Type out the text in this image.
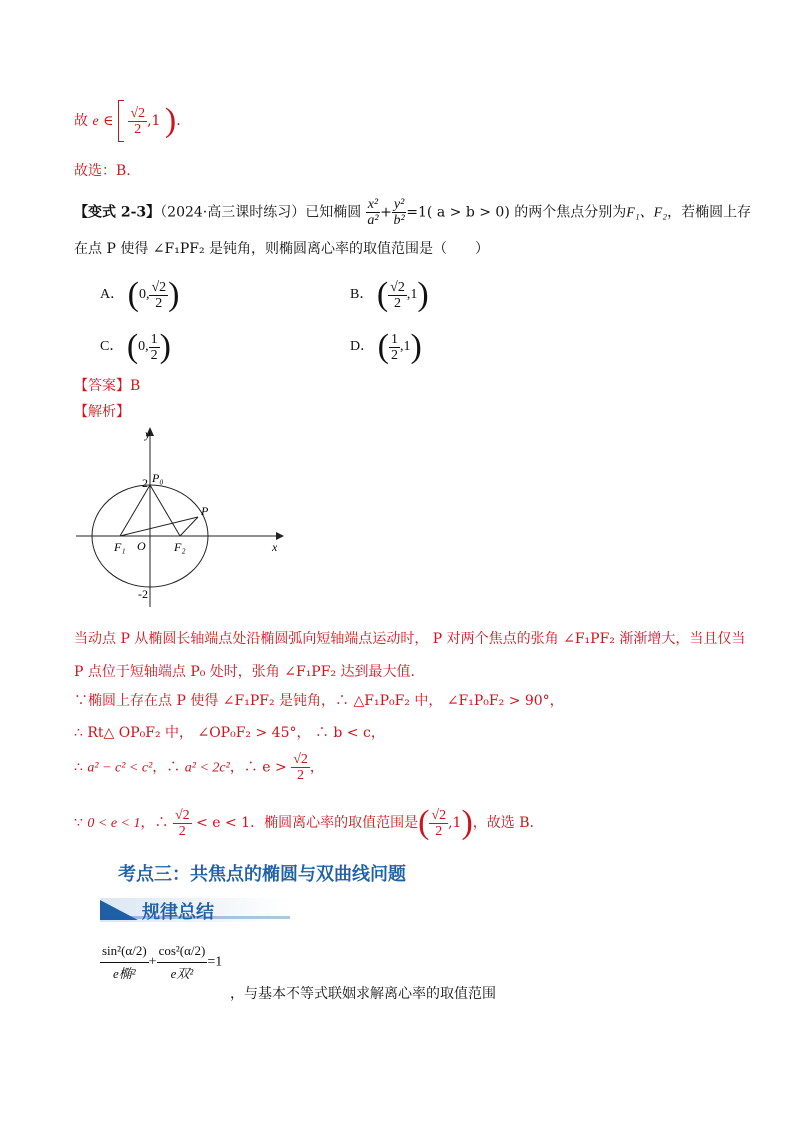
故 e ∈ $\frac{√2}{2} ,1$ ).
故选：B.
【变式 2-3】（2024·高三课时练习）已知椭圆 $\frac{\text{x²}}{\text{a²}} + \frac{\text{y²}}{\text{b²}} =1$( a > b > 0) 的两个焦点分别为F₁、F₂，若椭圆上存
在点 P 使得 ∠F₁PF₂ 是钝角，则椭圆离心率的取值范围是（　　）
A． (0, $\frac{√2}{2}$ )	B． ( $\frac{√2}{2} ,1$)
C． (0, $\frac{1}{2}$ )	D． ( $\frac{1}{2} ,1$)
【答案】B
【解析】
y
x
P₀
P
F₁ O F₂
2
-2
当动点 P 从椭圆长轴端点处沿椭圆弧向短轴端点运动时， P 对两个焦点的张角 ∠F₁PF₂ 渐渐增大，当且仅当
P 点位于短轴端点 P₀ 处时，张角 ∠F₁PF₂ 达到最大值.
∵椭圆上存在点 P 使得 ∠F₁PF₂ 是钝角，∴ △F₁P₀F₂ 中， ∠F₁P₀F₂ > 90°，
∴ Rt△ OP₀F₂ 中， ∠OP₀F₂ > 45°， ∴ b < c，
∴ a² − c² < c²，∴ a² < 2c²，∴ $e > \frac{√2}{2}$ ，
∵ 0 < e < 1，∴ $\frac{√2}{2} < e < 1$．椭圆离心率的取值范围是( $\frac{√2}{2} ,1$)，故选 B.
考点三：共焦点的椭圆与双曲线问题
规律总结
$\frac{\text{sin²(α/2)}}{\text{e椭²}} + \frac{\text{cos²(α/2)}}{\text{e双²}} =1$
，与基本不等式联姻求解离心率的取值范围
